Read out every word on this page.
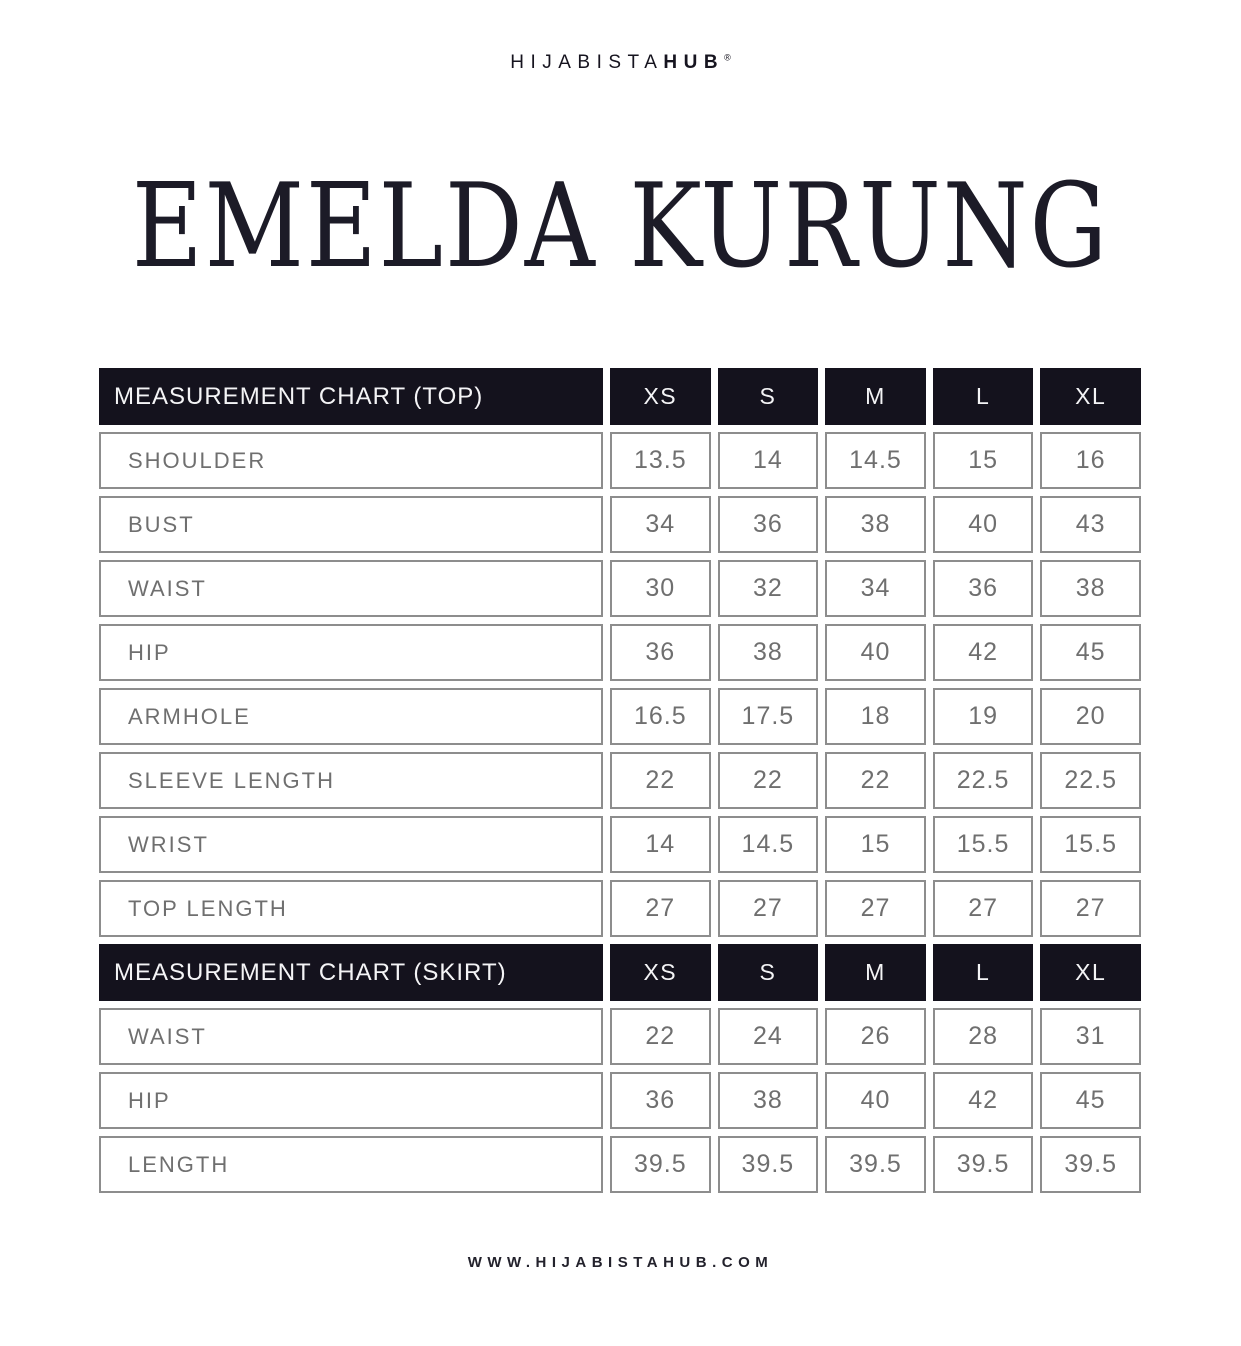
HIJABISTAHUB®
EMELDA KURUNG
MEASUREMENT CHART (TOP)	XS	S	M	L	XL
SHOULDER	13.5	14	14.5	15	16
BUST	34	36	38	40	43
WAIST	30	32	34	36	38
HIP	36	38	40	42	45
ARMHOLE	16.5	17.5	18	19	20
SLEEVE LENGTH	22	22	22	22.5	22.5
WRIST	14	14.5	15	15.5	15.5
TOP LENGTH	27	27	27	27	27
MEASUREMENT CHART (SKIRT)	XS	S	M	L	XL
WAIST	22	24	26	28	31
HIP	36	38	40	42	45
LENGTH	39.5	39.5	39.5	39.5	39.5
WWW.HIJABISTAHUB.COM
